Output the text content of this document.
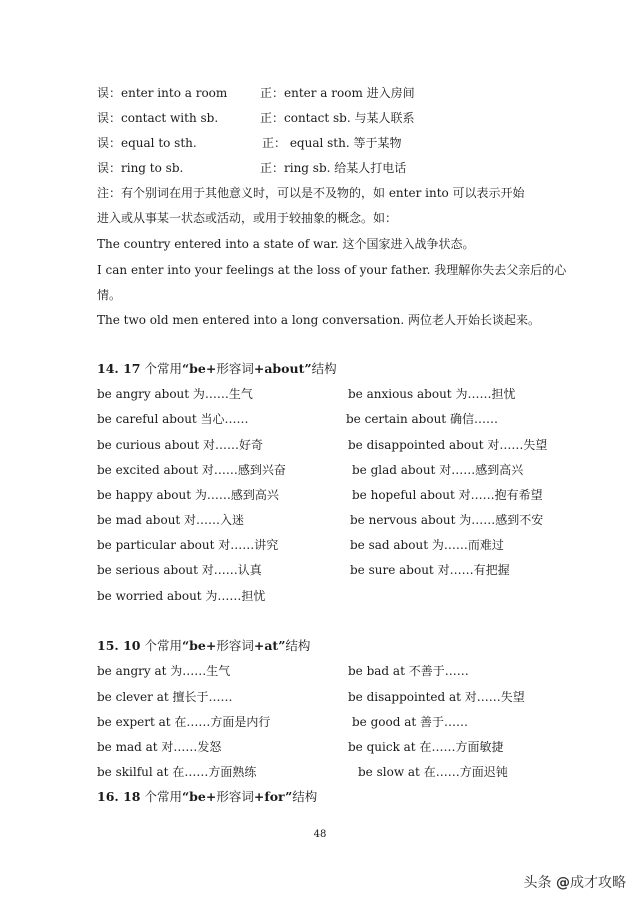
误：enter into a room	正：enter a room 进入房间
误：contact with sb.	正：contact sb. 与某人联系
误：equal to sth.	正： equal sth. 等于某物
误：ring to sb.	正：ring sb. 给某人打电话
注：有个别词在用于其他意义时，可以是不及物的，如 enter into 可以表示开始
进入或从事某一状态或活动，或用于较抽象的概念。如：
The country entered into a state of war. 这个国家进入战争状态。
I can enter into your feelings at the loss of your father. 我理解你失去父亲后的心
情。
The two old men entered into a long conversation. 两位老人开始长谈起来。
14. 17 个常用“be+形容词+about”结构
be angry about 为……生气	be anxious about 为……担忧
be careful about 当心……	be certain about 确信……
be curious about 对……好奇	be disappointed about 对……失望
be excited about 对……感到兴奋	be glad about 对……感到高兴
be happy about 为……感到高兴	be hopeful about 对……抱有希望
be mad about 对……入迷	be nervous about 为……感到不安
be particular about 对……讲究	be sad about 为……而难过
be serious about 对……认真	be sure about 对……有把握
be worried about 为……担忧
15. 10 个常用“be+形容词+at”结构
be angry at 为……生气	be bad at 不善于……
be clever at 擅长于……	be disappointed at 对……失望
be expert at 在……方面是内行	be good at 善于……
be mad at 对……发怒	be quick at 在……方面敏捷
be skilful at 在……方面熟练	be slow at 在……方面迟钝
16. 18 个常用“be+形容词+for”结构
48
头条 @成才攻略
